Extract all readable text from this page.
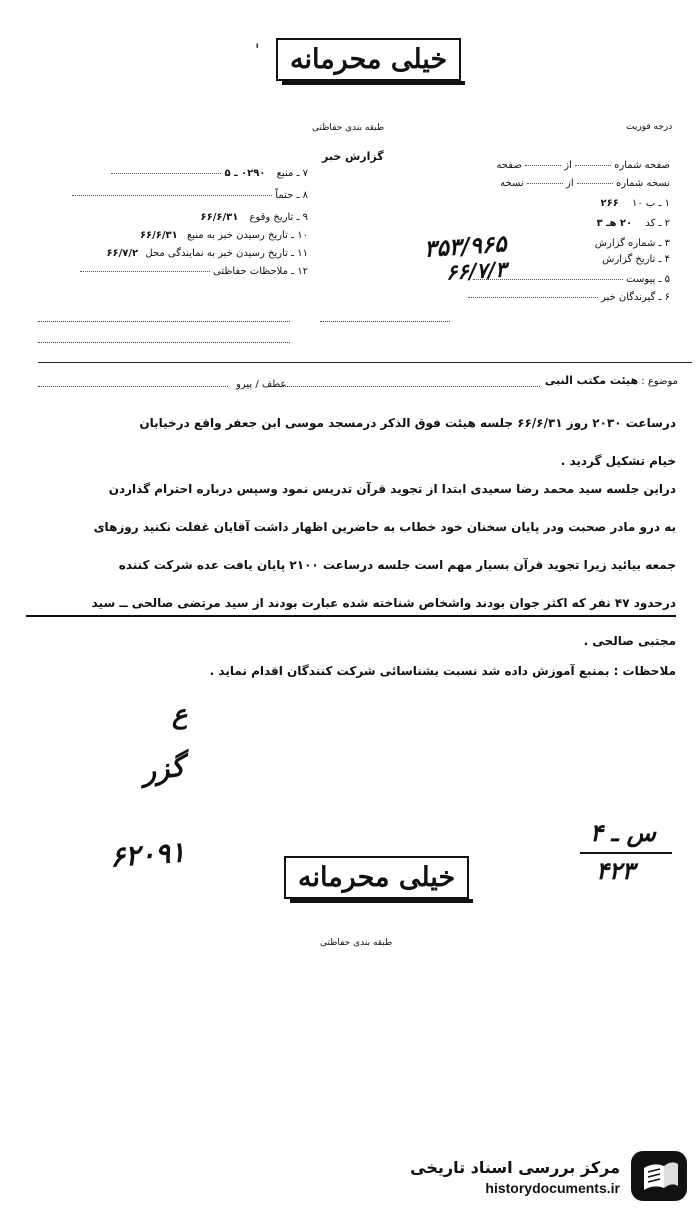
خيلی محرمانه
'
طبقه بندی حفاظتی
گزارش خبر
درجه فوریت
صفحه شماره  از  صفحه
نسخه شماره  از  نسخه
۱ ـ ب ۱۰ ۲۶۶
۲ ـ کد ۲۰ هـ ۳
۳ ـ شماره گزارش
۴ ـ تاریخ گزارش
۵ ـ پیوست
۶ ـ گیرندگان خبر
۳۵۳/۹۶۵
۶۶/۷/۳
۷ ـ منبع ۰۲۹۰ ـ ۵
۸ ـ حتماً
۹ ـ تاریخ وقوع ۶۶/۶/۳۱
۱۰ ـ تاریخ رسیدن خبر به منبع ۶۶/۶/۳۱
۱۱ ـ تاریخ رسیدن خبر به نمایندگی محل ۶۶/۷/۲
۱۲ ـ ملاحظات حفاظتی
موضوع : هیئت مکتب النبی
عطف / پیرو
درساعت ۲۰۳۰ روز ۶۶/۶/۳۱ جلسه هیئت فوق الذکر درمسجد موسی ابن جعفر واقع درخیابان
خیام تشکیل گردید .
دراین جلسه سید محمد رضا سعیدی ابتدا از تجوید قرآن تدریس نمود وسپس درباره احترام گذاردن
به درو مادر صحبت ودر پایان سخنان خود خطاب به حاضرین اظهار داشت آقایان غفلت نکنید روزهای
جمعه بیائید زیرا تجوید قرآن بسیار مهم است جلسه درساعت ۲۱۰۰ پایان یافت عده شرکت کننده
درحدود ۴۷ نفر که اکثر جوان بودند واشخاص شناخته شده عبارت بودند از سید مرتضی صالحی ــ سید
مجتبی صالحی .
ملاحظات : بمنبع آموزش داده شد نسبت بشناسائی شرکت کنندگان اقدام نماید .
ع
گزر
۶۲۰۹۱
س ـ ۴
۴۲۳
خيلی محرمانه
طبقه بندی حفاظتی
مرکز بررسی اسناد تاریخی
historydocuments.ir
